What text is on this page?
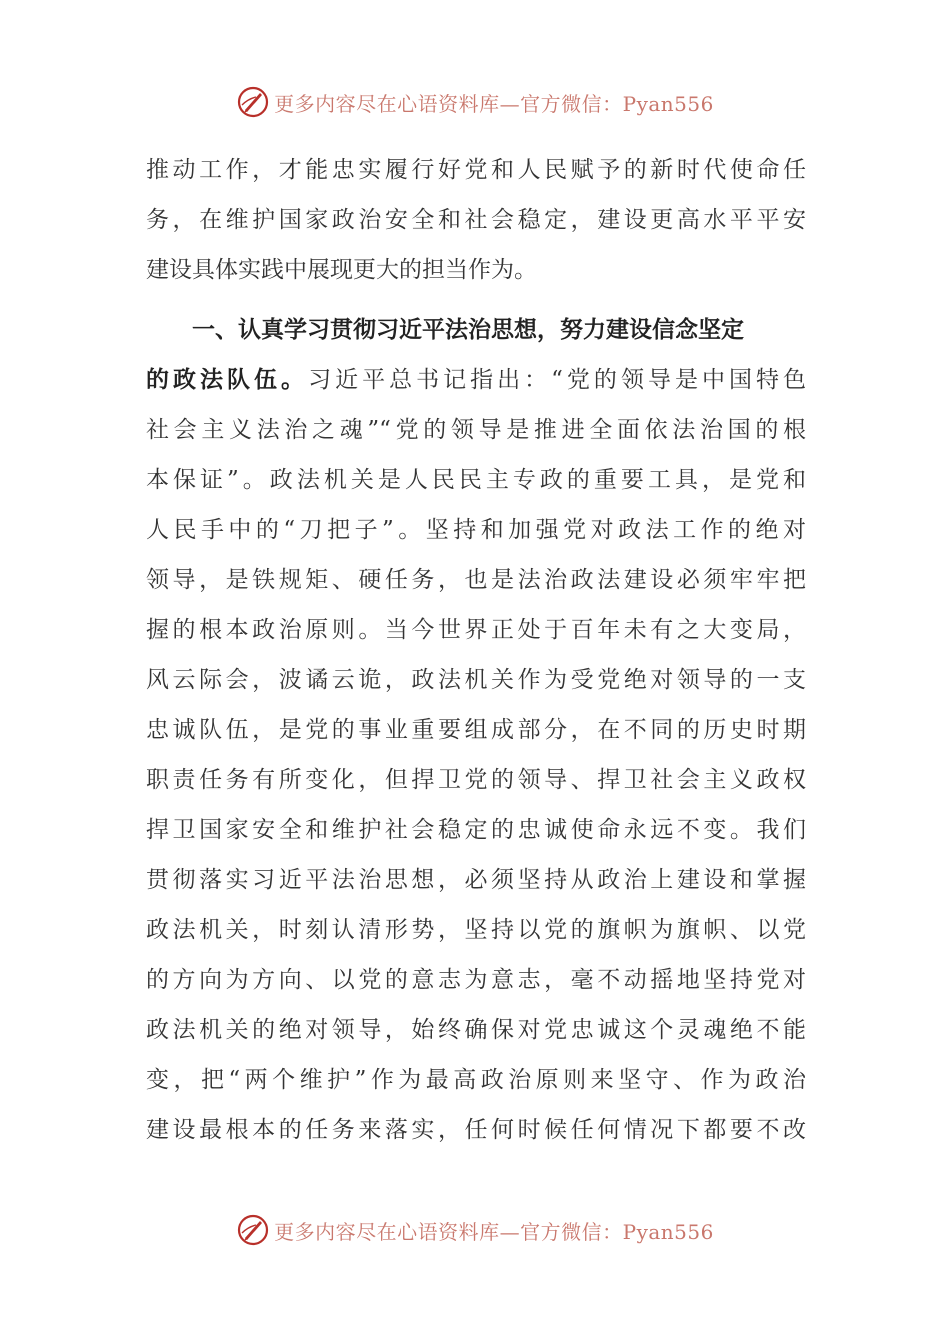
更多内容尽在心语资料库—官方微信：Pyan556
推动工作，才能忠实履行好党和人民赋予的新时代使命任
务，在维护国家政治安全和社会稳定，建设更高水平平安
建设具体实践中展现更大的担当作为。
一、认真学习贯彻习近平法治思想，努力建设信念坚定
的政法队伍。习近平总书记指出：“党的领导是中国特色
社会主义法治之魂”“党的领导是推进全面依法治国的根
本保证”。政法机关是人民民主专政的重要工具，是党和
人民手中的“刀把子”。坚持和加强党对政法工作的绝对
领导，是铁规矩、硬任务，也是法治政法建设必须牢牢把
握的根本政治原则。当今世界正处于百年未有之大变局，
风云际会，波谲云诡，政法机关作为受党绝对领导的一支
忠诚队伍，是党的事业重要组成部分，在不同的历史时期
职责任务有所变化，但捍卫党的领导、捍卫社会主义政权
捍卫国家安全和维护社会稳定的忠诚使命永远不变。我们
贯彻落实习近平法治思想，必须坚持从政治上建设和掌握
政法机关，时刻认清形势，坚持以党的旗帜为旗帜、以党
的方向为方向、以党的意志为意志，毫不动摇地坚持党对
政法机关的绝对领导，始终确保对党忠诚这个灵魂绝不能
变，把“两个维护”作为最高政治原则来坚守、作为政治
建设最根本的任务来落实，任何时候任何情况下都要不改
更多内容尽在心语资料库—官方微信：Pyan556
